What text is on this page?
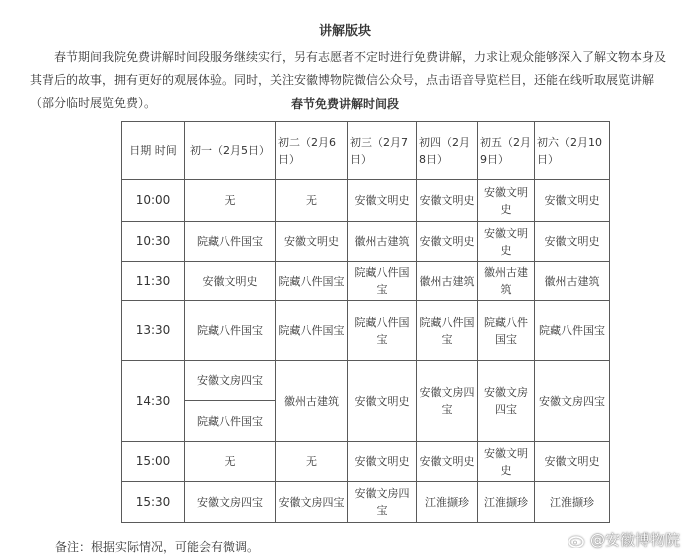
讲解版块

春节期间我院免费讲解时间段服务继续实行，另有志愿者不定时进行免费讲解，力求让观众能够深入了解文物本身及其背后的故事，拥有更好的观展体验。同时，关注安徽博物院微信公众号，点击语音导览栏目，还能在线听取展览讲解（部分临时展览免费）。	春节免费讲解时间段
日期 时间	初一（2月5日）	初二（2月6日）	初三（2月7日）	初四（2月8日）	初五（2月9日）	初六（2月10日）
10:00	无	无	安徽文明史	安徽文明史	安徽文明史	安徽文明史
10:30	院藏八件国宝	安徽文明史	徽州古建筑	安徽文明史	安徽文明史	安徽文明史
11:30	安徽文明史	院藏八件国宝	院藏八件国宝	徽州古建筑	徽州古建筑	徽州古建筑
13:30	院藏八件国宝	院藏八件国宝	院藏八件国宝	院藏八件国宝	院藏八件国宝	院藏八件国宝
14:30	安徽文房四宝	徽州古建筑	安徽文明史	安徽文房四宝	安徽文房四宝	安徽文房四宝
	院藏八件国宝					
15:00	无	无	安徽文明史	安徽文明史	安徽文明史	安徽文明史
15:30	安徽文房四宝	安徽文房四宝	安徽文房四宝	江淮撷珍	江淮撷珍	江淮撷珍
备注：根据实际情况，可能会有微调。	@安徽博物院
